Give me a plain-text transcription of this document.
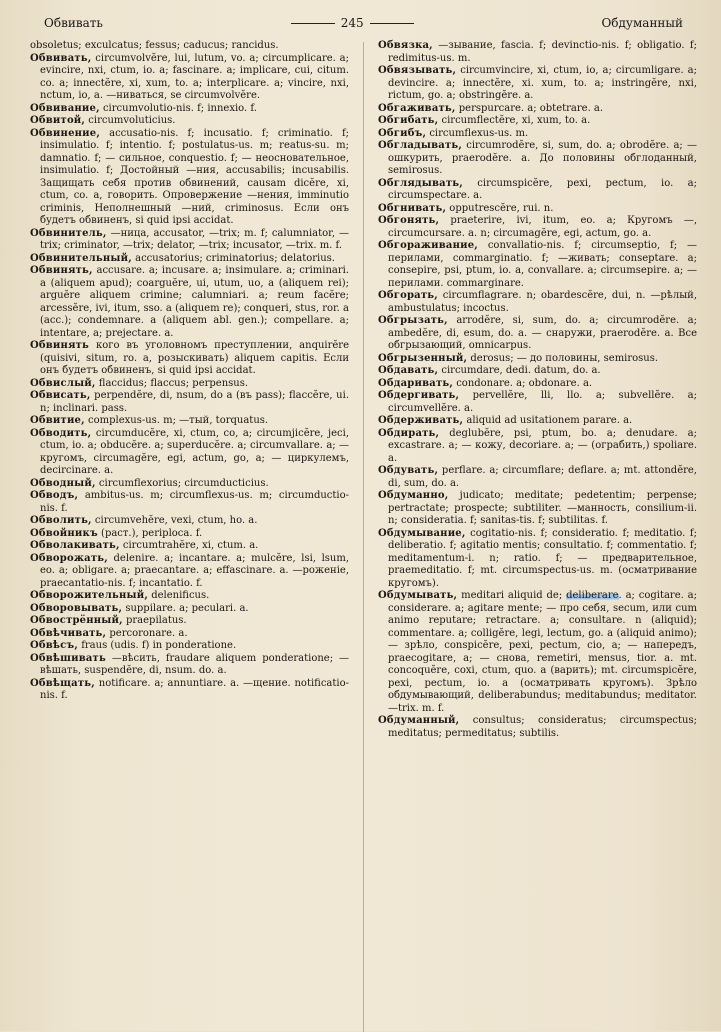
Обвивать	245	Обдуманный

obsoletus; exculcatus; fessus; caducus; rancidus.

Обвивать, circumvolvĕre, lui, lutum, vo. a; circumplicare. a; evincire, nxi, ctum, io. a; fascinare. a; implicare, cui, citum. co. a; innectĕre, xi, xum, to. a; interplicare. a; vincire, nxi, nctum, io, a. —ниваться, se circumvolvĕre.

Обвивание, circumvolutio-nis. f; innexio. f.

Обвитой, circumvoluticius.

Обвинение, accusatio-nis. f; incusatio. f; criminatio. f; insimulatio. f; intentio. f; postulatus-us. m; reatus-su. m; damnatio. f; — сильное, conquestio. f; — неосновательное, insimulatio. f; Достойный —ния, accusabilis; incusabilis. Защищать себя против обвинений, causam dicĕre, xi, ctum, co. a, говорить. Опровержение —нения, imminutio criminis, Неполнешный —ний, criminosus. Если онъ будетъ обвиненъ, si quid ipsi accidat.

Обвинитель, —ница, accusator, —trix; m. f; calumniator, —trix; criminator, —trix; delator, —trix; incusator, —trix. m. f.

Обвинительный, accusatorius; criminatorius; delatorius.

Обвинять, accusare. a; incusare. a; insimulare. a; criminari. a (aliquem apud); coarguĕre, ui, utum, uo, a (aliquem rei); arguĕre aliquem crimine; calumniari. a; reum facĕre; arcessĕre, ivi, itum, sso. a (aliquem re); conqueri, stus, ror. a (acc.); condemnare. a (aliquem abl. gen.); compellare. a; intentare, a; prejectare. a.

Обвинять кого въ уголовномъ преступлении, anquirĕre (quisivi, situm, ro. a, розыскивать) aliquem capitis. Если онъ будетъ обвиненъ, si quid ipsi accidat.

Обвислый, flaccidus; flaccus; perpensus.

Обвисать, perpendĕre, di, nsum, do a (въ pass); flaccĕre, ui. n; inclinari. pass.

Обвитие, complexus-us. m; —тый, torquatus.

Обводить, circumducĕre, xi, ctum, co, a; circumjicĕre, jeci, ctum, io. a; obducĕre. a; superducĕre. a; circumvallare. a; — кругомъ, circumagĕre, egi, actum, go, a; — циркулемъ, decircinare. a.

Обводный, circumflexorius; circumducticius.

Обводъ, ambitus-us. m; circumflexus-us. m; circumductio-nis. f.

Обволить, circumvehĕre, vexi, ctum, ho. a.

Обвойникъ (раст.), periploca. f.

Обволакивать, circumtrahĕre, xi, ctum. a.

Обворожать, delenire. a; incantare. a; mulcĕre, lsi, lsum, eo. a; obligare. a; praecantare. a; effascinare. a. —роженiе, praecantatio-nis. f; incantatio. f.

Обворожительный, delenificus.

Обворовывать, suppilare. a; peculari. a.

Обвострённый, praepilatus.

Обвѣчивать, percoronare. a.

Обвѣсъ, fraus (udis. f) in ponderatione.

Обвѣшивать —вѣсить, fraudare aliquem ponderatione; —вѣшать, suspendĕre, di, nsum. do. a.

Обвѣщать, notificare. a; annuntiare. a. —щение. notificatio-nis. f.

Обвязка, —зывание, fascia. f; devinctio-nis. f; obligatio. f; redimitus-us. m.

Обвязывать, circumvincire, xi, ctum, io, a; circumligare. a; devincire. a; innectĕre, xi. xum, to. a; instringĕre, nxi, rictum, go. a; obstringĕre. a.

Обгаживать, perspurcare. a; obtetrare. a.

Обгибать, circumflectĕre, xi, xum, to. a.

Обгибъ, circumflexus-us. m.

Обгладывать, circumrodĕre, si, sum, do. a; obrodĕre. a; — ошкурить, praerodĕre. a. До половины обглоданный, semirosus.

Обглядывать, circumspicĕre, pexi, pectum, io. a; circumspectare. a.

Обгнивать, opputrescĕre, rui. n.

Обгонять, praeterire, ivi, itum, eo. a; Кругомъ —, circumcursare. a. n; circumagĕre, egi, actum, go. a.

Обгораживание, convallatio-nis. f; circumseptio, f; — перилами, commarginatio. f; —живать; conseptare. a; consepire, psi, ptum, io. a, convallare. a; circumsepire. a; — перилами. commarginare.

Обгорать, circumflagrare. n; obardescĕre, dui, n. —рѣлый, ambustulatus; incoctus.

Обгрызать, arrodĕre, si, sum, do. a; circumrodĕre. a; ambedĕre, di, esum, do. a. — снаружи, praerodĕre. a. Все обгрызающий, omnicarpus.

Обгрызенный, derosus; — до половины, semirosus.

Обдавать, circumdare, dedi. datum, do. a.

Обдаривать, condonare. a; obdonare. a.

Обдергивать, pervellĕre, lli, llo. a; subvellĕre. a; circumvellĕre. a.

Обдерживать, aliquid ad usitationem parare. a.

Обдирать, deglubĕre, psi, ptum, bo. a; denudare. a; excastrare. a; — кожу, decoriare. a; — (ограбить,) spoliare. a.

Обдувать, perflare. a; circumflare; deflare. a; mt. attondĕre, di, sum, do. a.

Обдуманно, judicato; meditate; pedetentim; perpense; pertractate; prospecte; subtiliter. —манность, consilium-ii. n; consideratia. f; sanitas-tis. f; subtilitas. f.

Обдумывание, cogitatio-nis. f; consideratio. f; meditatio. f; deliberatio. f; agitatio mentis; consultatio. f; commentatio. f; meditamentum-i. n; ratio. f; — предварительное, praemeditatio. f; mt. circumspectus-us. m. (осматривание кругомъ).

Обдумывать, meditari aliquid de; deliberare. a; cogitare. a; considerare. a; agitare mente; — про себя, secum, или cum animo reputare; retractare. a; consultare. n (aliquid); commentare. a; colligĕre, legi, lectum, go. a (aliquid animo); — зрѣло, conspicĕre, pexi, pectum, cio, a; — напередъ, praecogitare, a; — снова, remetiri, mensus, tior. a. mt. concoquĕre, coxi, ctum, quo. a (варить); mt. circumspicĕre, pexi, pectum, io. a (осматривать кругомъ). Зрѣло обдумывающий, deliberabundus; meditabundus; meditator. —trix. m. f.

Обдуманный, consultus; consideratus; circumspectus; meditatus; permeditatus; subtilis.
